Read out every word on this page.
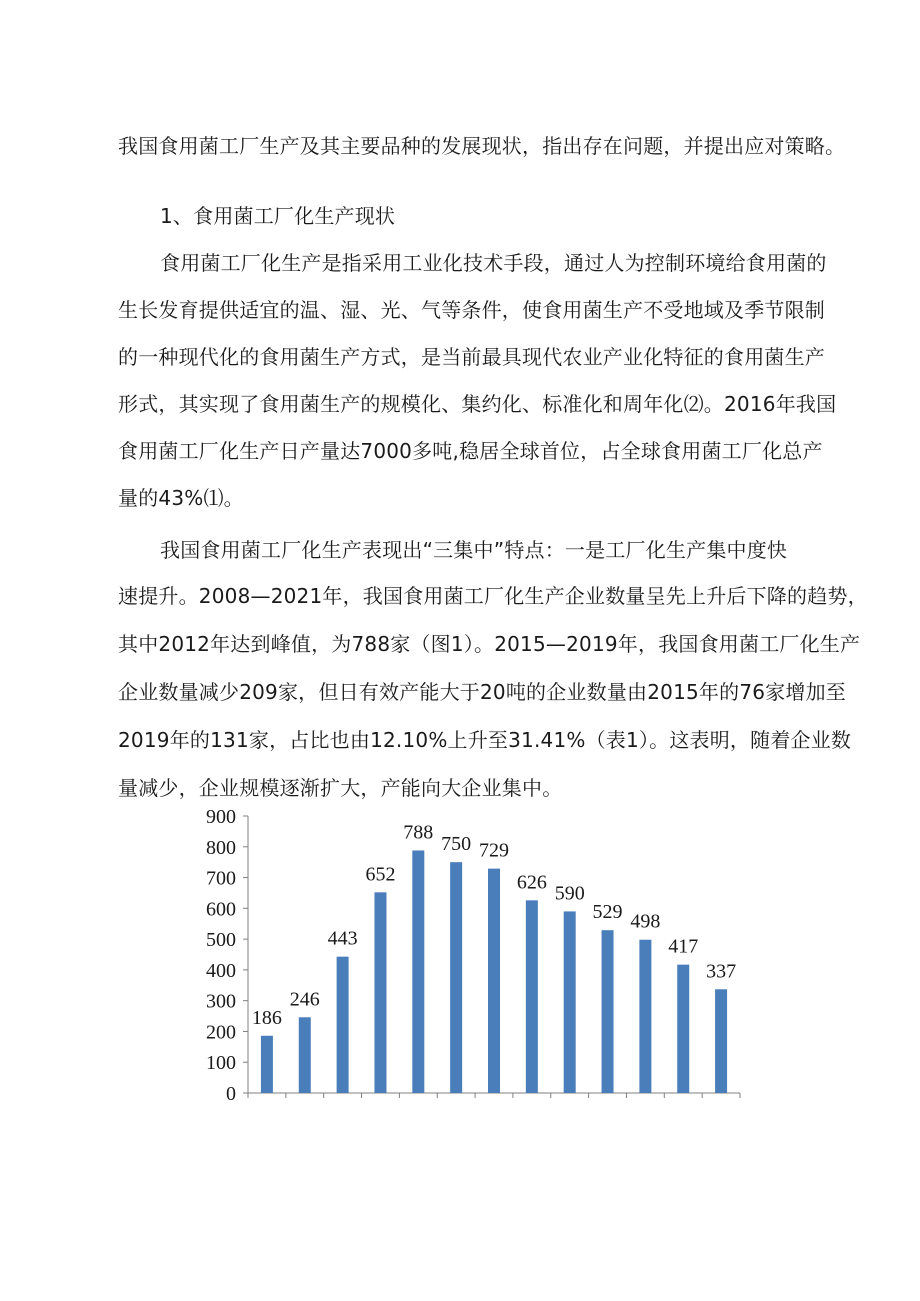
我国食用菌工厂生产及其主要品种的发展现状，指出存在问题，并提出应对策略。
1、食用菌工厂化生产现状
食用菌工厂化生产是指采用工业化技术手段，通过人为控制环境给食用菌的
生长发育提供适宜的温、湿、光、气等条件，使食用菌生产不受地域及季节限制
的一种现代化的食用菌生产方式，是当前最具现代农业产业化特征的食用菌生产
形式，其实现了食用菌生产的规模化、集约化、标准化和周年化⑵。2016年我国
食用菌工厂化生产日产量达7000多吨,稳居全球首位，占全球食用菌工厂化总产
量的43%⑴。
我国食用菌工厂化生产表现出“三集中”特点：一是工厂化生产集中度快
速提升。2008—2021年，我国食用菌工厂化生产企业数量呈先上升后下降的趋势，
其中2012年达到峰值，为788家（图1）。2015—2019年，我国食用菌工厂化生产
企业数量减少209家，但日有效产能大于20吨的企业数量由2015年的76家增加至
2019年的131家，占比也由12.10%上升至31.41%（表1）。这表明，随着企业数
量减少，企业规模逐渐扩大，产能向大企业集中。
0
100
200
300
400
500
600
700
800
900
186
246
443
652
788
750 729
626
590
529 498
417
337
